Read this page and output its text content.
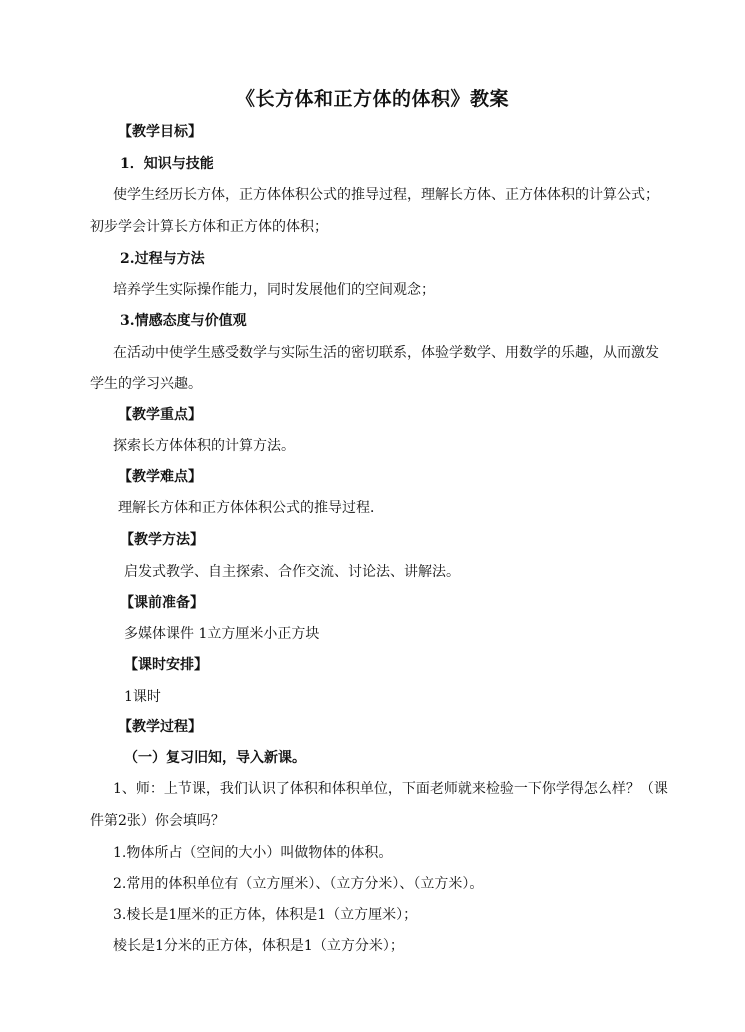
《长方体和正方体的体积》教案
【教学目标】
1．知识与技能
使学生经历长方体，正方体体积公式的推导过程，理解长方体、正方体体积的计算公式；
初步学会计算长方体和正方体的体积；
2.过程与方法
培养学生实际操作能力，同时发展他们的空间观念；
3.情感态度与价值观
在活动中使学生感受数学与实际生活的密切联系，体验学数学、用数学的乐趣，从而激发
学生的学习兴趣。
【教学重点】
探索长方体体积的计算方法。
【教学难点】
理解长方体和正方体体积公式的推导过程．
【教学方法】
启发式教学、自主探索、合作交流、讨论法、讲解法。
【课前准备】
多媒体课件 1立方厘米小正方块
【课时安排】
1课时
【教学过程】
（一）复习旧知，导入新课。
1、师：上节课，我们认识了体积和体积单位，下面老师就来检验一下你学得怎么样？（课
件第2张）你会填吗？
1.物体所占（空间的大小）叫做物体的体积。
2.常用的体积单位有（立方厘米）、（立方分米）、（立方米）。
3.棱长是1厘米的正方体，体积是1（立方厘米）；
棱长是1分米的正方体，体积是1（立方分米）；
